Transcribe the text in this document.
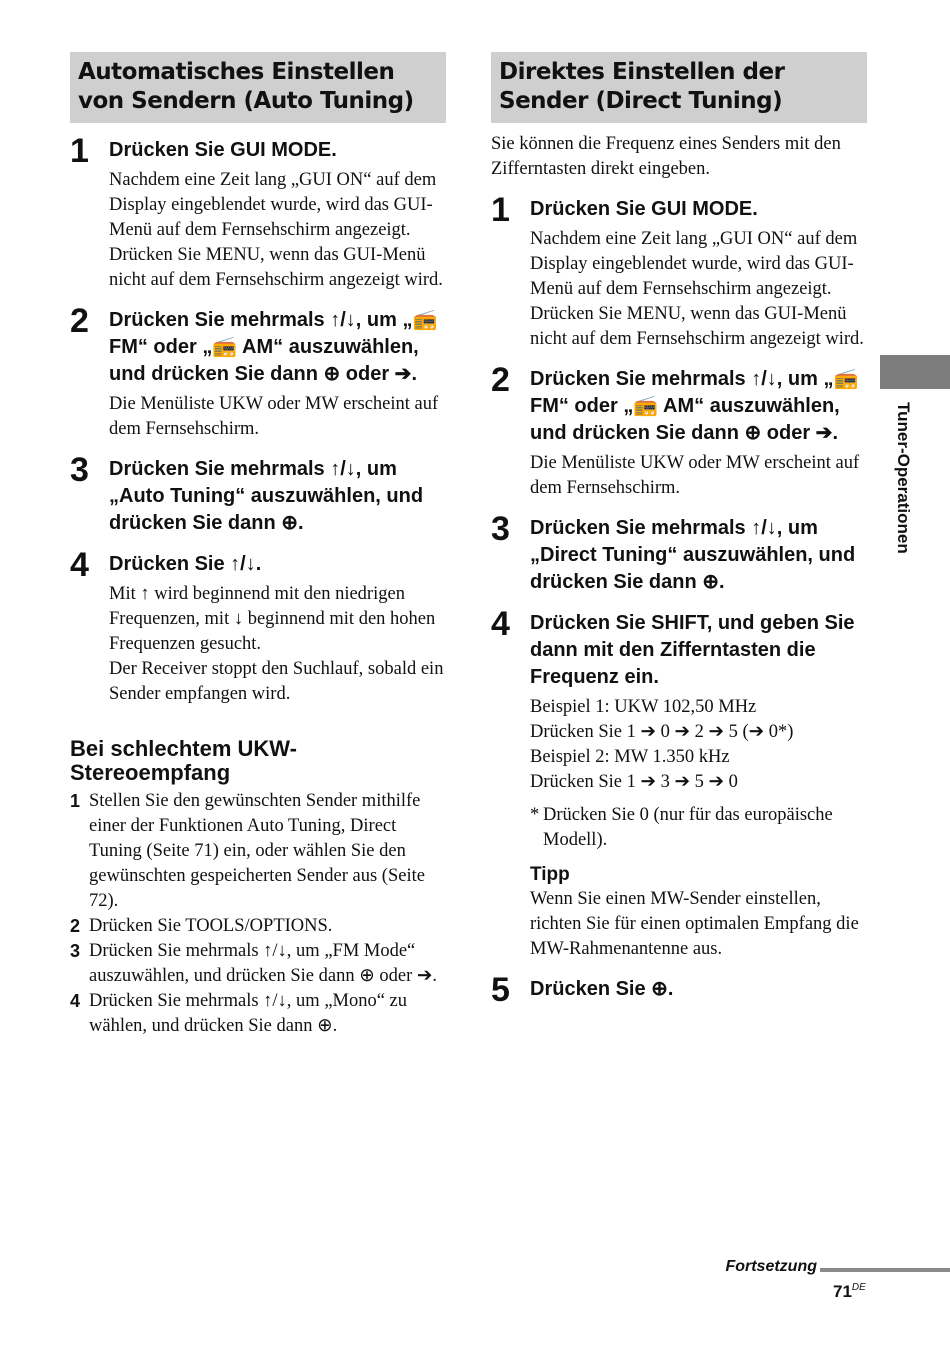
Automatisches Einstellen von Sendern (Auto Tuning)
1 Drücken Sie GUI MODE.
Nachdem eine Zeit lang „GUI ON“ auf dem Display eingeblendet wurde, wird das GUI-Menü auf dem Fernsehschirm angezeigt.
Drücken Sie MENU, wenn das GUI-Menü nicht auf dem Fernsehschirm angezeigt wird.
2 Drücken Sie mehrmals ↑/↓, um „📻 FM“ oder „📻 AM“ auszuwählen, und drücken Sie dann ⊕ oder ➔.
Die Menüliste UKW oder MW erscheint auf dem Fernsehschirm.
3 Drücken Sie mehrmals ↑/↓, um „Auto Tuning“ auszuwählen, und drücken Sie dann ⊕.
4 Drücken Sie ↑/↓.
Mit ↑ wird beginnend mit den niedrigen Frequenzen, mit ↓ beginnend mit den hohen Frequenzen gesucht.
Der Receiver stoppt den Suchlauf, sobald ein Sender empfangen wird.
Bei schlechtem UKW-Stereoempfang
1 Stellen Sie den gewünschten Sender mithilfe einer der Funktionen Auto Tuning, Direct Tuning (Seite 71) ein, oder wählen Sie den gewünschten gespeicherten Sender aus (Seite 72).
2 Drücken Sie TOOLS/OPTIONS.
3 Drücken Sie mehrmals ↑/↓, um „FM Mode“ auszuwählen, und drücken Sie dann ⊕ oder ➔.
4 Drücken Sie mehrmals ↑/↓, um „Mono“ zu wählen, und drücken Sie dann ⊕.
Direktes Einstellen der Sender (Direct Tuning)
Sie können die Frequenz eines Senders mit den Zifferntasten direkt eingeben.
1 Drücken Sie GUI MODE.
Nachdem eine Zeit lang „GUI ON“ auf dem Display eingeblendet wurde, wird das GUI-Menü auf dem Fernsehschirm angezeigt.
Drücken Sie MENU, wenn das GUI-Menü nicht auf dem Fernsehschirm angezeigt wird.
2 Drücken Sie mehrmals ↑/↓, um „📻 FM“ oder „📻 AM“ auszuwählen, und drücken Sie dann ⊕ oder ➔.
Die Menüliste UKW oder MW erscheint auf dem Fernsehschirm.
3 Drücken Sie mehrmals ↑/↓, um „Direct Tuning“ auszuwählen, und drücken Sie dann ⊕.
4 Drücken Sie SHIFT, und geben Sie dann mit den Zifferntasten die Frequenz ein.
Beispiel 1: UKW 102,50 MHz
Drücken Sie 1 ➔ 0 ➔ 2 ➔ 5 (➔ 0*)
Beispiel 2: MW 1.350 kHz
Drücken Sie 1 ➔ 3 ➔ 5 ➔ 0
* Drücken Sie 0 (nur für das europäische Modell).
Tipp
Wenn Sie einen MW-Sender einstellen, richten Sie für einen optimalen Empfang die MW-Rahmenantenne aus.
5 Drücken Sie ⊕.
Tuner-Operationen
Fortsetzung
71DE
